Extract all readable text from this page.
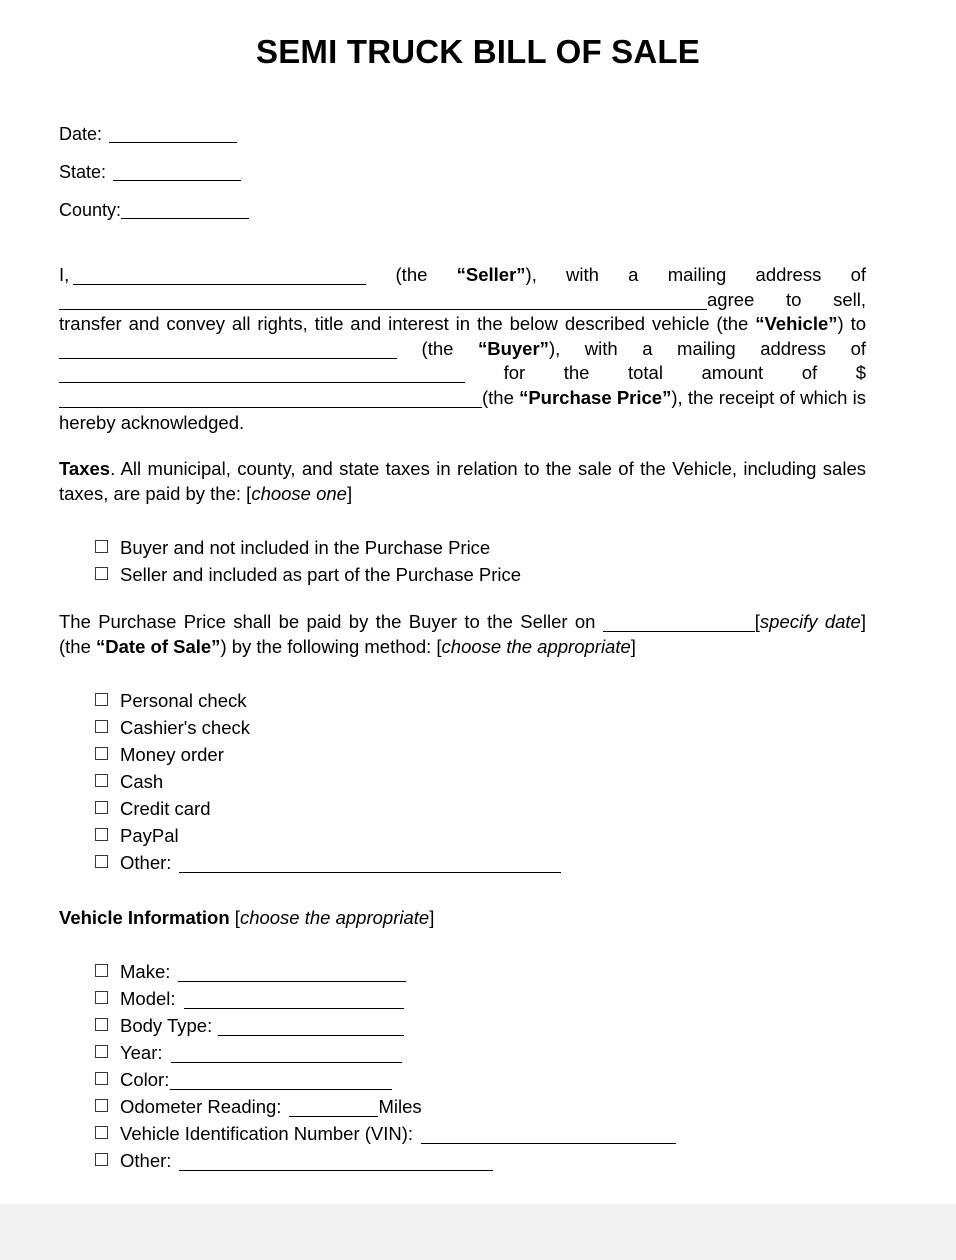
SEMI TRUCK BILL OF SALE
Date:
State:
County:

I,	(the “Seller”), with a mailing address of agree to sell, transfer and convey all rights, title and interest in the below described vehicle (the “Vehicle”) to  (the “Buyer”), with a mailing address of  for the total amount of $(the “Purchase Price”), the receipt of which is hereby acknowledged.

Taxes. All municipal, county, and state taxes in relation to the sale of the Vehicle, including sales taxes, are paid by the: [choose one]

Buyer and not included in the Purchase Price
Seller and included as part of the Purchase Price

The Purchase Price shall be paid by the Buyer to the Seller on	[specify date] (the “Date of Sale”) by the following method: [choose the appropriate]

Personal check
Cashier's check
Money order
Cash
Credit card
PayPal
Other:
Vehicle Information [choose the appropriate]
Make:
Model:
Body Type:
Year:
Color:
Odometer Reading:	Miles
Vehicle Identification Number (VIN):
Other:
